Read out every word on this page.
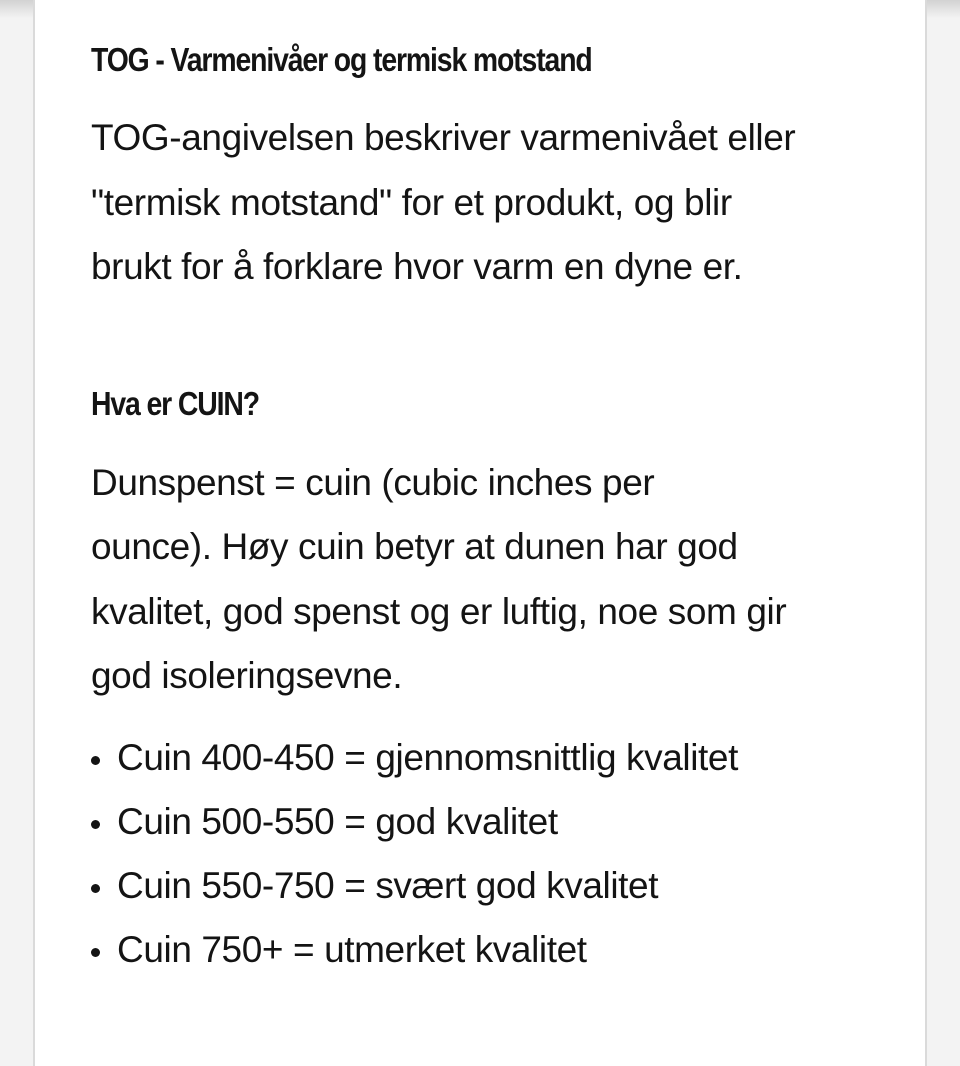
TOG - Varmenivåer og termisk motstand

TOG-angivelsen beskriver varmenivået eller
"termisk motstand" for et produkt, og blir
brukt for å forklare hvor varm en dyne er.

Hva er CUIN?

Dunspenst = cuin (cubic inches per
ounce). Høy cuin betyr at dunen har god
kvalitet, god spenst og er luftig, noe som gir
god isoleringsevne.

Cuin 400-450 = gjennomsnittlig kvalitet
Cuin 500-550 = god kvalitet
Cuin 550-750 = svært god kvalitet
Cuin 750+ = utmerket kvalitet
